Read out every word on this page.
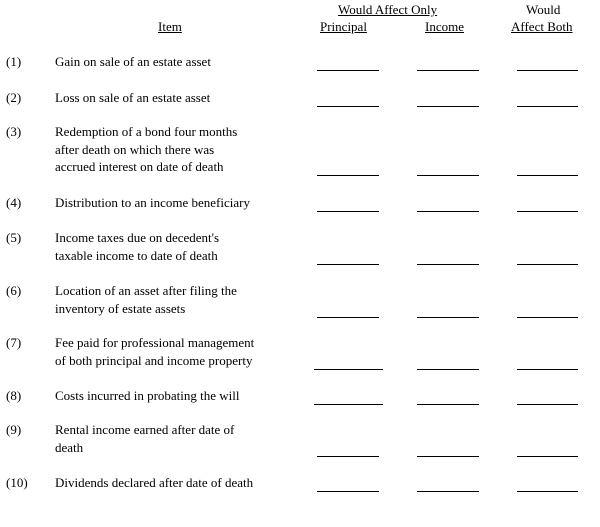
Would Affect Only	Would
Item	Principal	Income	Affect Both
(1)	Gain on sale of an estate asset
(2)	Loss on sale of an estate asset
(3)	Redemption of a bond four months
after death on which there was
accrued interest on date of death
(4)	Distribution to an income beneficiary
(5)	Income taxes due on decedent's
taxable income to date of death
(6)	Location of an asset after filing the
inventory of estate assets
(7)	Fee paid for professional management
of both principal and income property
(8)	Costs incurred in probating the will
(9)	Rental income earned after date of
death
(10) Dividends declared after date of death
